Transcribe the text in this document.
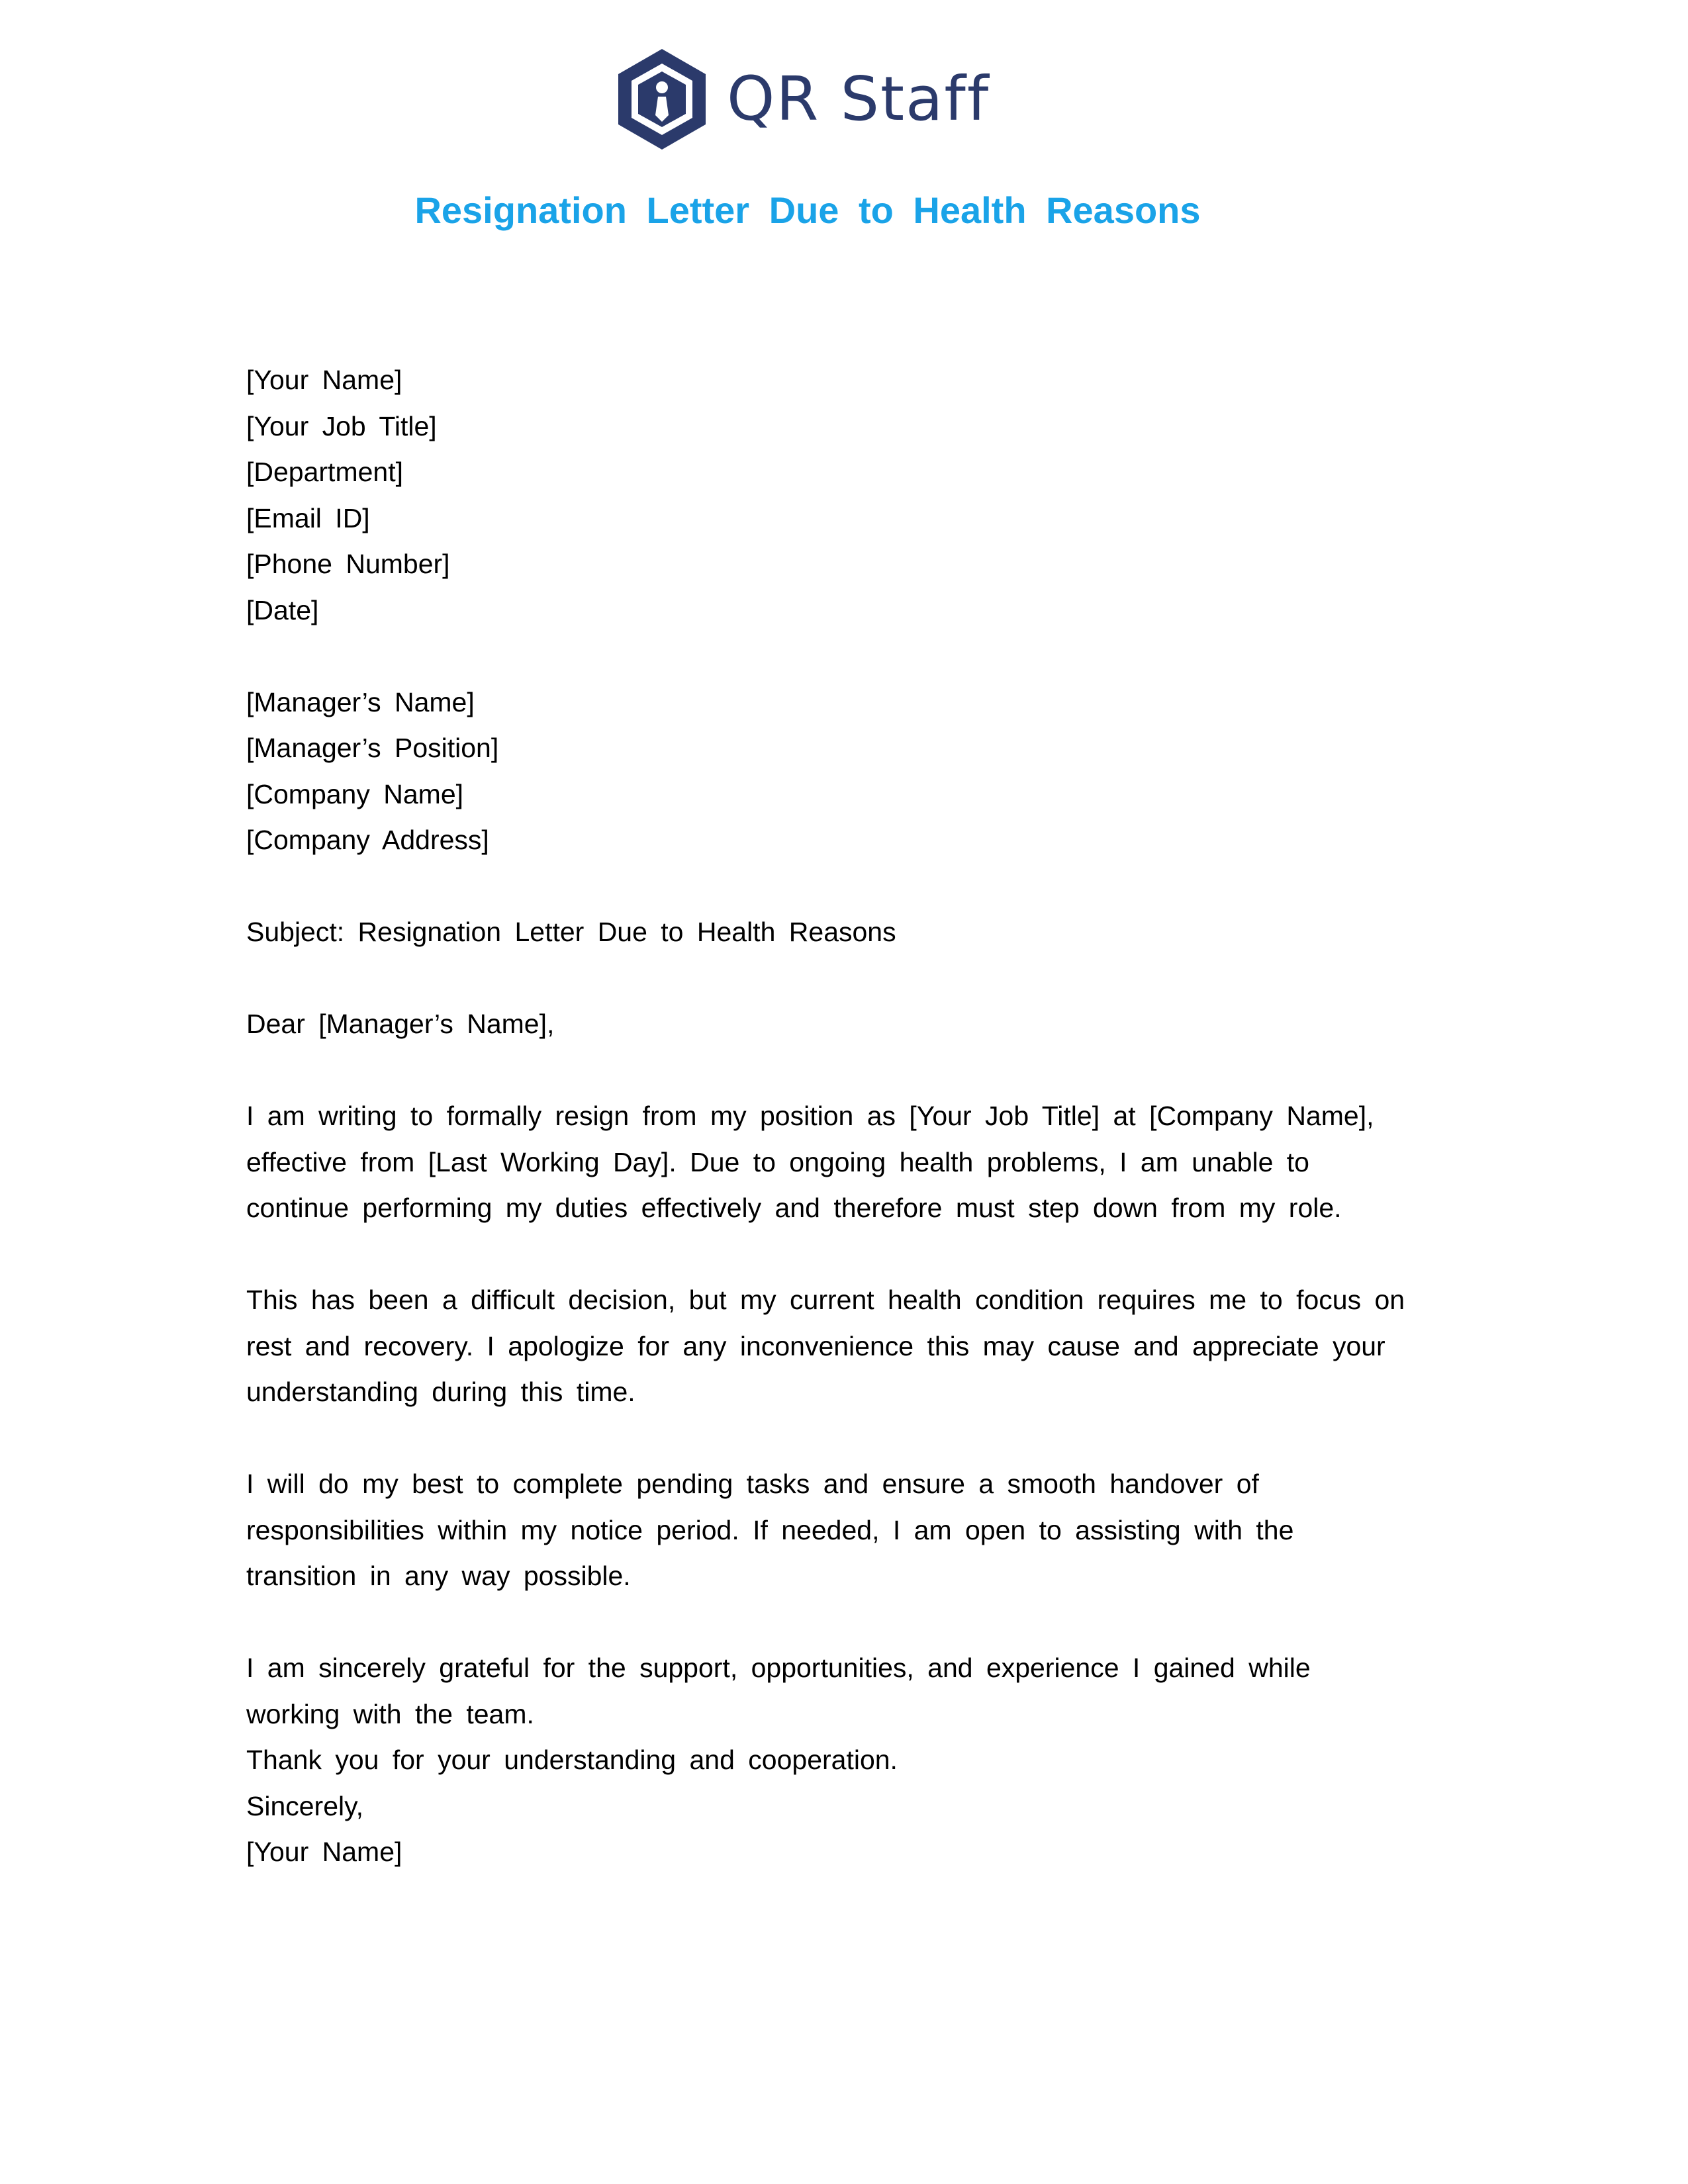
QR Staff
Resignation Letter Due to Health Reasons
[Your Name]
[Your Job Title]
[Department]
[Email ID]
[Phone Number]
[Date]
[Manager’s Name]
[Manager’s Position]
[Company Name]
[Company Address]
Subject: Resignation Letter Due to Health Reasons
Dear [Manager’s Name],
I am writing to formally resign from my position as [Your Job Title] at [Company Name],
effective from [Last Working Day]. Due to ongoing health problems, I am unable to
continue performing my duties effectively and therefore must step down from my role.
This has been a difficult decision, but my current health condition requires me to focus on
rest and recovery. I apologize for any inconvenience this may cause and appreciate your
understanding during this time.
I will do my best to complete pending tasks and ensure a smooth handover of
responsibilities within my notice period. If needed, I am open to assisting with the
transition in any way possible.
I am sincerely grateful for the support, opportunities, and experience I gained while
working with the team.
Thank you for your understanding and cooperation.
Sincerely,
[Your Name]
